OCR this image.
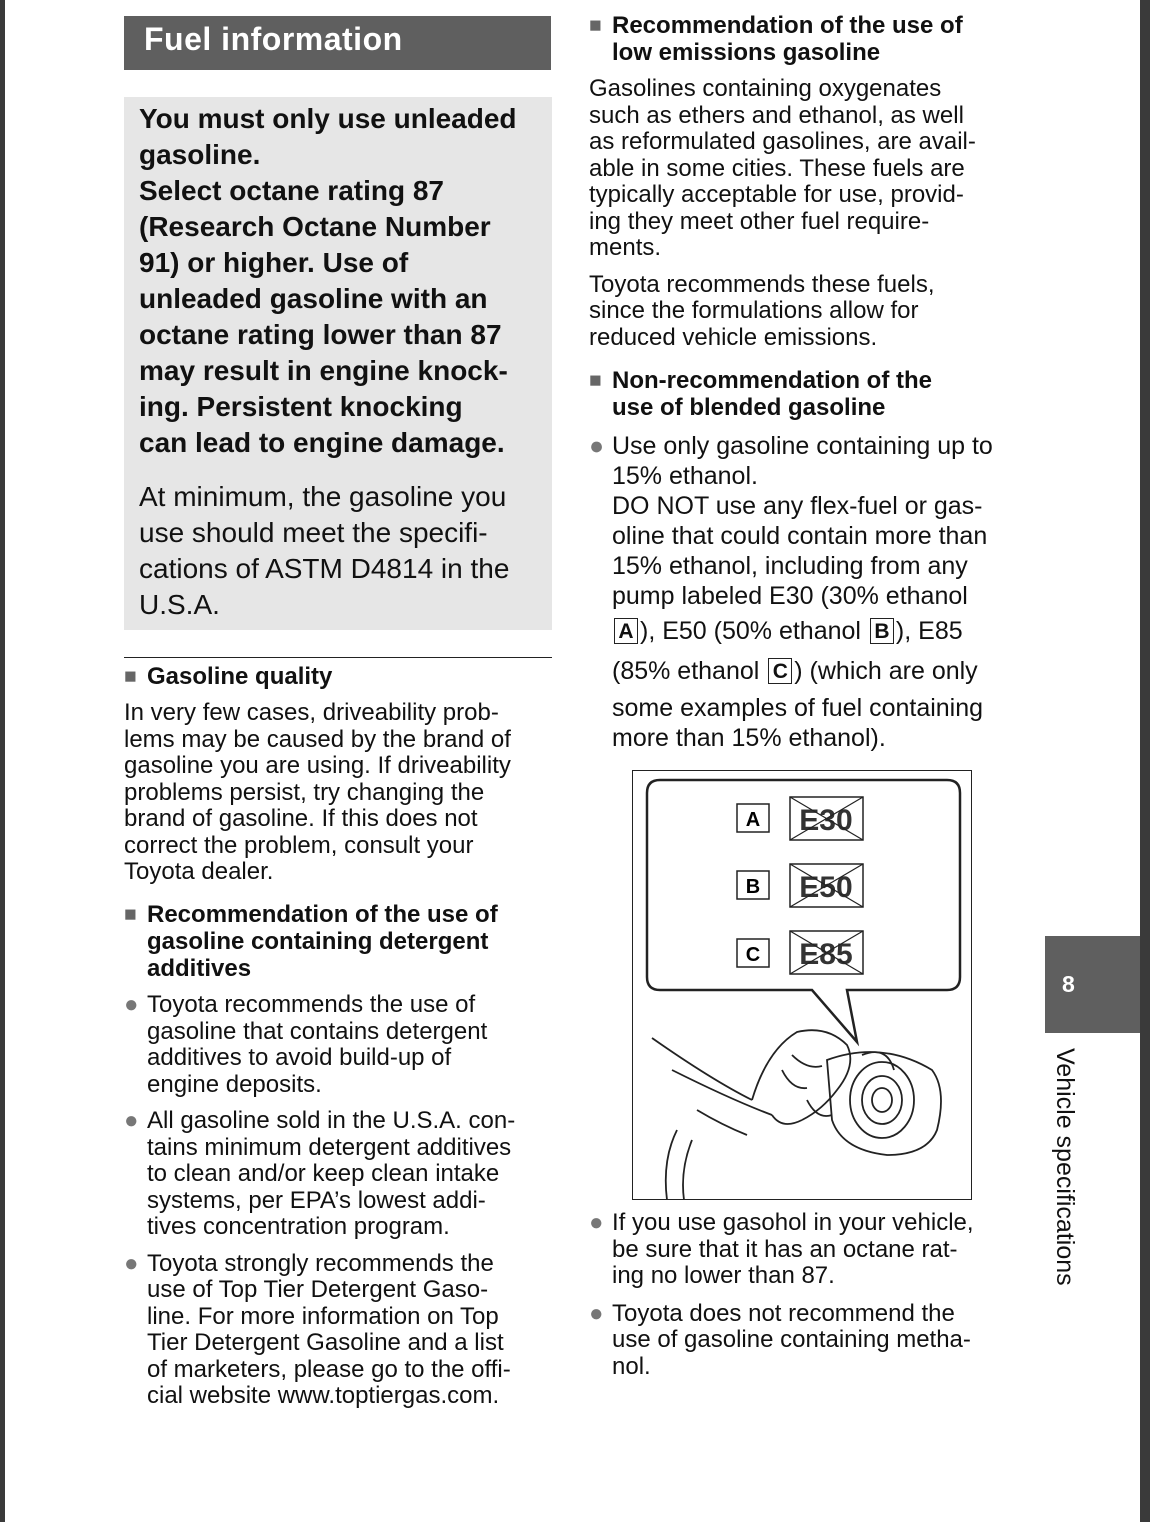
Fuel information

You must only use unleaded
gasoline.
Select octane rating 87
(Research Octane Number
91) or higher. Use of
unleaded gasoline with an
octane rating lower than 87
may result in engine knock-
ing. Persistent knocking
can lead to engine damage.

At minimum, the gasoline you
use should meet the specifi-
cations of ASTM D4814 in the
U.S.A.

■ Gasoline quality

In very few cases, driveability prob-
lems may be caused by the brand of
gasoline you are using. If driveability
problems persist, try changing the
brand of gasoline. If this does not
correct the problem, consult your
Toyota dealer.

■ Recommendation of the use of
gasoline containing detergent
additives
● Toyota recommends the use of
gasoline that contains detergent
additives to avoid build-up of
engine deposits.
● All gasoline sold in the U.S.A. con-
tains minimum detergent additives
to clean and/or keep clean intake
systems, per EPA’s lowest addi-
tives concentration program.
● Toyota strongly recommends the
use of Top Tier Detergent Gaso-
line. For more information on Top
Tier Detergent Gasoline and a list
of marketers, please go to the offi-
cial website www.toptiergas.com.
■ Recommendation of the use of
low emissions gasoline

Gasolines containing oxygenates
such as ethers and ethanol, as well
as reformulated gasolines, are avail-
able in some cities. These fuels are
typically acceptable for use, provid-
ing they meet other fuel require-
ments.

Toyota recommends these fuels,
since the formulations allow for
reduced vehicle emissions.

■ Non-recommendation of the
use of blended gasoline
● Use only gasoline containing up to
15% ethanol.
DO NOT use any flex-fuel or gas-
oline that could contain more than
15% ethanol, including from any
pump labeled E30 (30% ethanol
A ), E50 (50% ethanol B ), E85
(85% ethanol C ) (which are only

some examples of fuel containing
more than 15% ethanol).

A E30
B E50
C E85
● If you use gasohol in your vehicle,
be sure that it has an octane rat-
ing no lower than 87.
● Toyota does not recommend the
use of gasoline containing metha-
nol.
8
Vehicle specifications
